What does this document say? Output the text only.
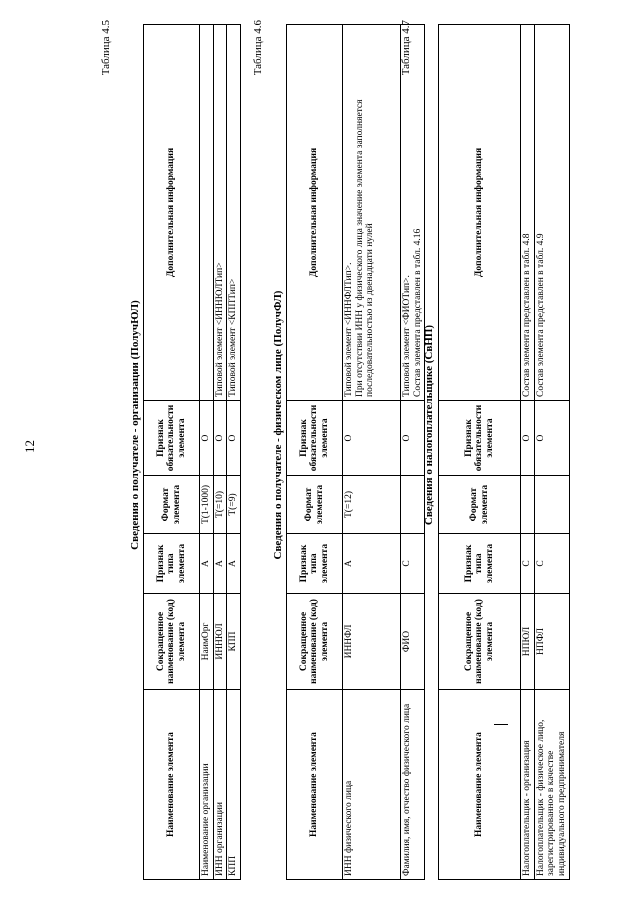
12
Таблица 4.5
Сведения о получателе - организации (ПолучЮЛ)
Наименование элемента	Сокращенное наименование (код) элемента	Признак типа элемента	Формат элемента	Признак обязательности элемента	Дополнительная информация
Наименование организации	НаимОрг	А	T(1-1000)	О	
ИНН организации	ИННЮЛ	А	T(=10)	О	Типовой элемент <ИННЮЛТип>
КПП	КПП	А	T(=9)	О	Типовой элемент <КППТип>
Таблица 4.6
Сведения о получателе - физическом лице (ПолучФЛ)
Наименование элемента	Сокращенное наименование (код) элемента	Признак типа элемента	Формат элемента	Признак обязательности элемента	Дополнительная информация
ИНН физического лица	ИННФЛ	А	T(=12)	О	Типовой элемент <ИННФЛТип>.
При отсутствии ИНН у физического лица значение элемента заполняется последовательностью из двенадцати нулей
Фамилия, имя, отчество физического лица	ФИО	С		О	Типовой элемент <ФИОТип>.
Состав элемента представлен в табл. 4.16
Таблица 4.7
Сведения о налогоплательщике (СвНП)
Наименование элемента	Сокращенное наименование (код) элемента	Признак типа элемента	Формат элемента	Признак обязательности элемента	Дополнительная информация
Налогоплательщик - организация	НПЮЛ	С		О	Состав элемента представлен в табл. 4.8
Налогоплательщик - физическое лицо, зарегистрированное в качестве индивидуального предпринимателя	НПФЛ	С		О	Состав элемента представлен в табл. 4.9
